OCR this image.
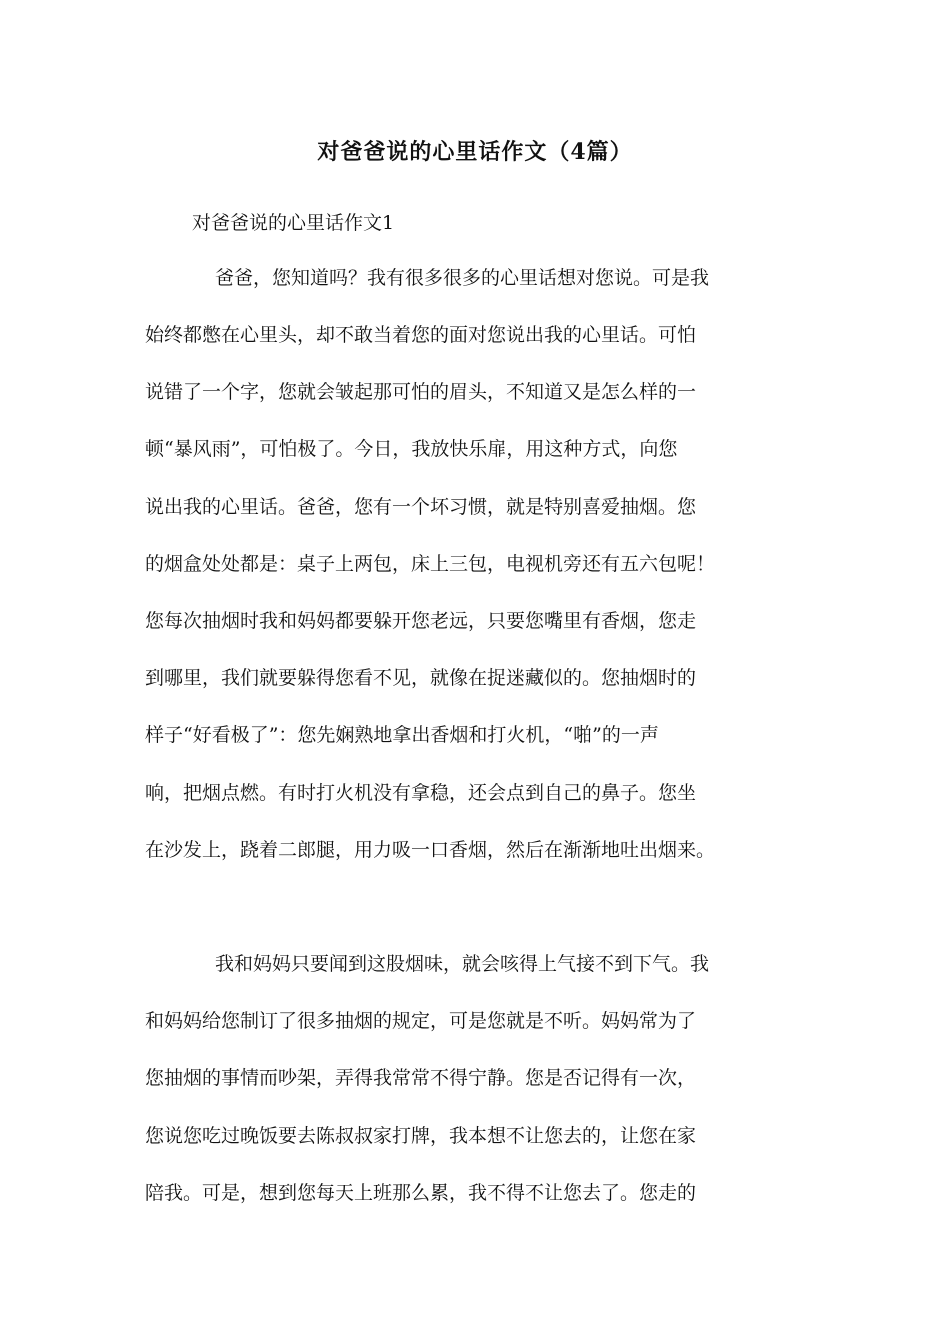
对爸爸说的心里话作文（4篇）
对爸爸说的心里话作文1
爸爸，您知道吗？我有很多很多的心里话想对您说。可是我
始终都憋在心里头，却不敢当着您的面对您说出我的心里话。可怕
说错了一个字，您就会皱起那可怕的眉头，不知道又是怎么样的一
顿“暴风雨”，可怕极了。今日，我放快乐扉，用这种方式，向您
说出我的心里话。爸爸，您有一个坏习惯，就是特别喜爱抽烟。您
的烟盒处处都是：桌子上两包，床上三包，电视机旁还有五六包呢！
您每次抽烟时我和妈妈都要躲开您老远，只要您嘴里有香烟，您走
到哪里，我们就要躲得您看不见，就像在捉迷藏似的。您抽烟时的
样子“好看极了”：您先娴熟地拿出香烟和打火机，“啪”的一声
响，把烟点燃。有时打火机没有拿稳，还会点到自己的鼻子。您坐
在沙发上，跷着二郎腿，用力吸一口香烟，然后在渐渐地吐出烟来。
我和妈妈只要闻到这股烟味，就会咳得上气接不到下气。我
和妈妈给您制订了很多抽烟的规定，可是您就是不听。妈妈常为了
您抽烟的事情而吵架，弄得我常常不得宁静。您是否记得有一次，
您说您吃过晚饭要去陈叔叔家打牌，我本想不让您去的，让您在家
陪我。可是，想到您每天上班那么累，我不得不让您去了。您走的
